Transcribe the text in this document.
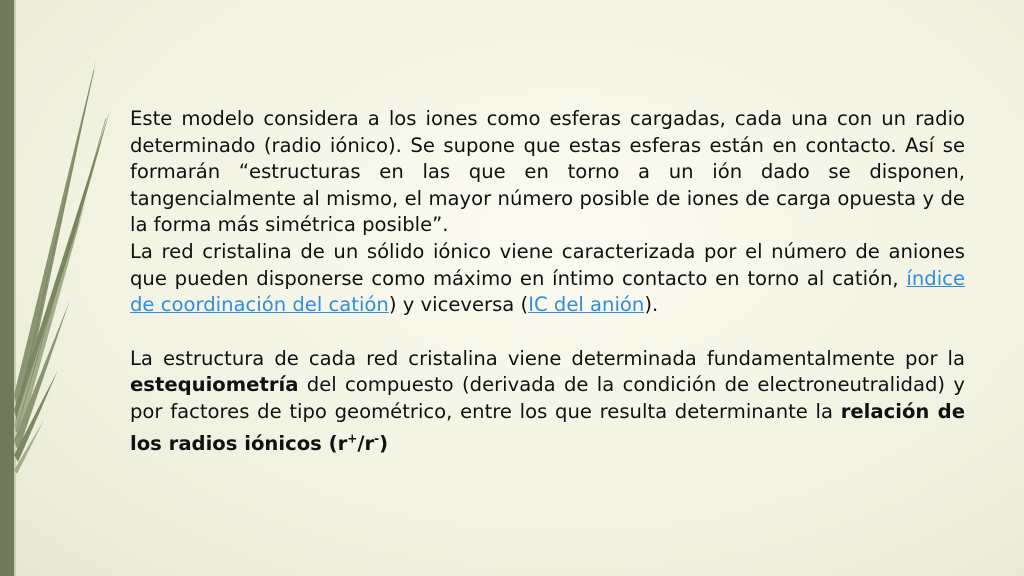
Este modelo considera a los iones como esferas cargadas, cada una con un radio determinado (radio iónico). Se supone que estas esferas están en contacto. Así se formarán “estructuras en las que en torno a un ión dado se disponen, tangencialmente al mismo, el mayor número posible de iones de carga opuesta y de la forma más simétrica posible”.

La red cristalina de un sólido iónico viene caracterizada por el número de aniones que pueden disponerse como máximo en íntimo contacto en torno al catión, índice de coordinación del catión) y viceversa (IC del anión).

La estructura de cada red cristalina viene determinada fundamentalmente por la estequiometría del compuesto (derivada de la condición de electroneutralidad) y por factores de tipo geométrico, entre los que resulta determinante la relación de los radios iónicos (r+/r-)
